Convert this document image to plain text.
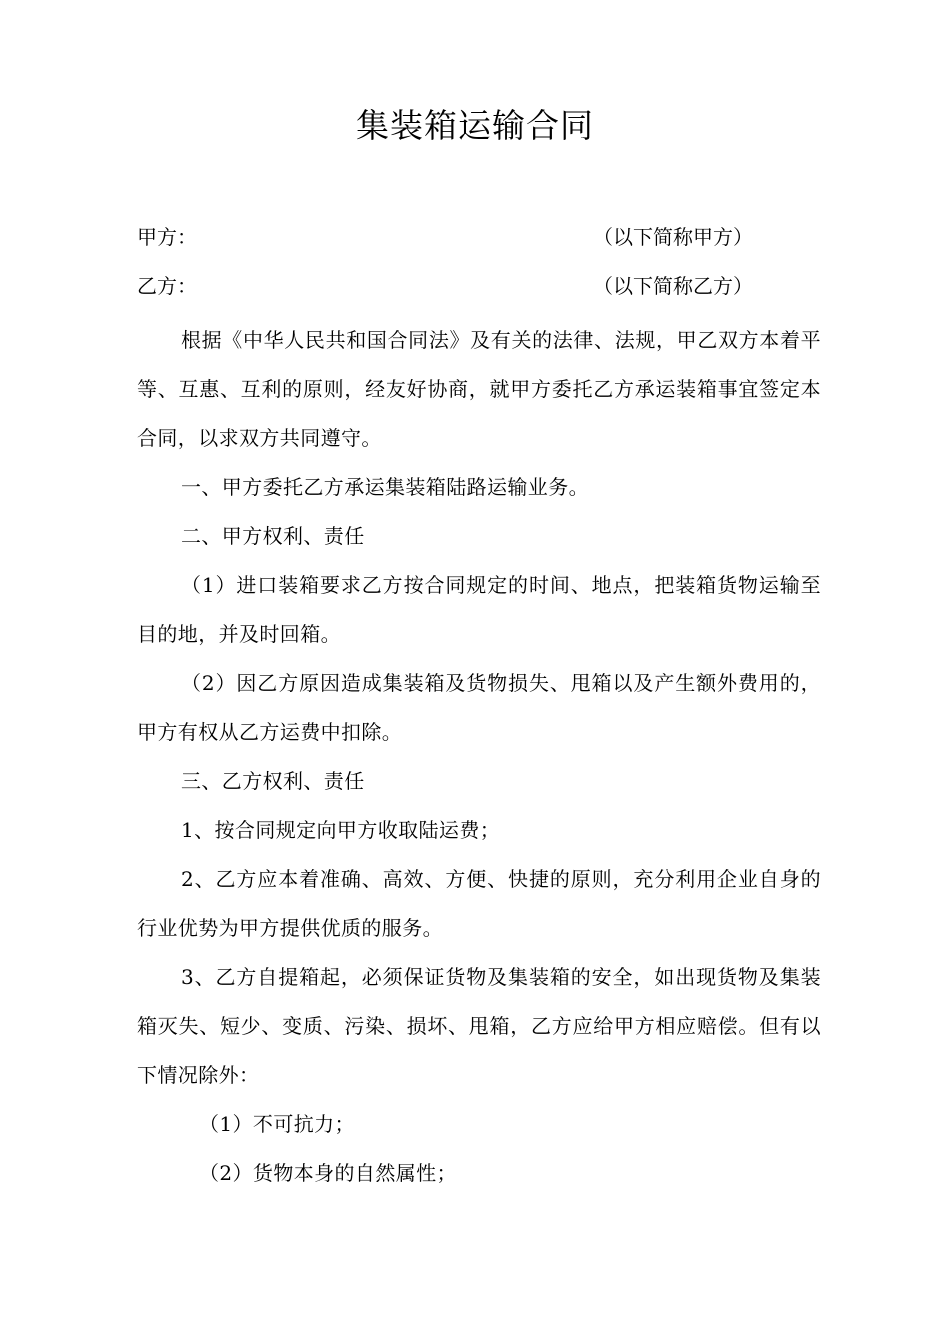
集装箱运输合同
甲方：	（以下简称甲方）
乙方：	（以下简称乙方）

根据《中华人民共和国合同法》及有关的法律、法规，甲乙双方本着平等、互惠、互利的原则，经友好协商，就甲方委托乙方承运装箱事宜签定本合同，以求双方共同遵守。

一、甲方委托乙方承运集装箱陆路运输业务。

二、甲方权利、责任

（1）进口装箱要求乙方按合同规定的时间、地点，把装箱货物运输至目的地，并及时回箱。

（2）因乙方原因造成集装箱及货物损失、甩箱以及产生额外费用的，甲方有权从乙方运费中扣除。

三、乙方权利、责任

1、按合同规定向甲方收取陆运费；

2、乙方应本着准确、高效、方便、快捷的原则，充分利用企业自身的行业优势为甲方提供优质的服务。

3、乙方自提箱起，必须保证货物及集装箱的安全，如出现货物及集装箱灭失、短少、变质、污染、损坏、甩箱，乙方应给甲方相应赔偿。但有以下情况除外：

（1）不可抗力；

（2）货物本身的自然属性；
